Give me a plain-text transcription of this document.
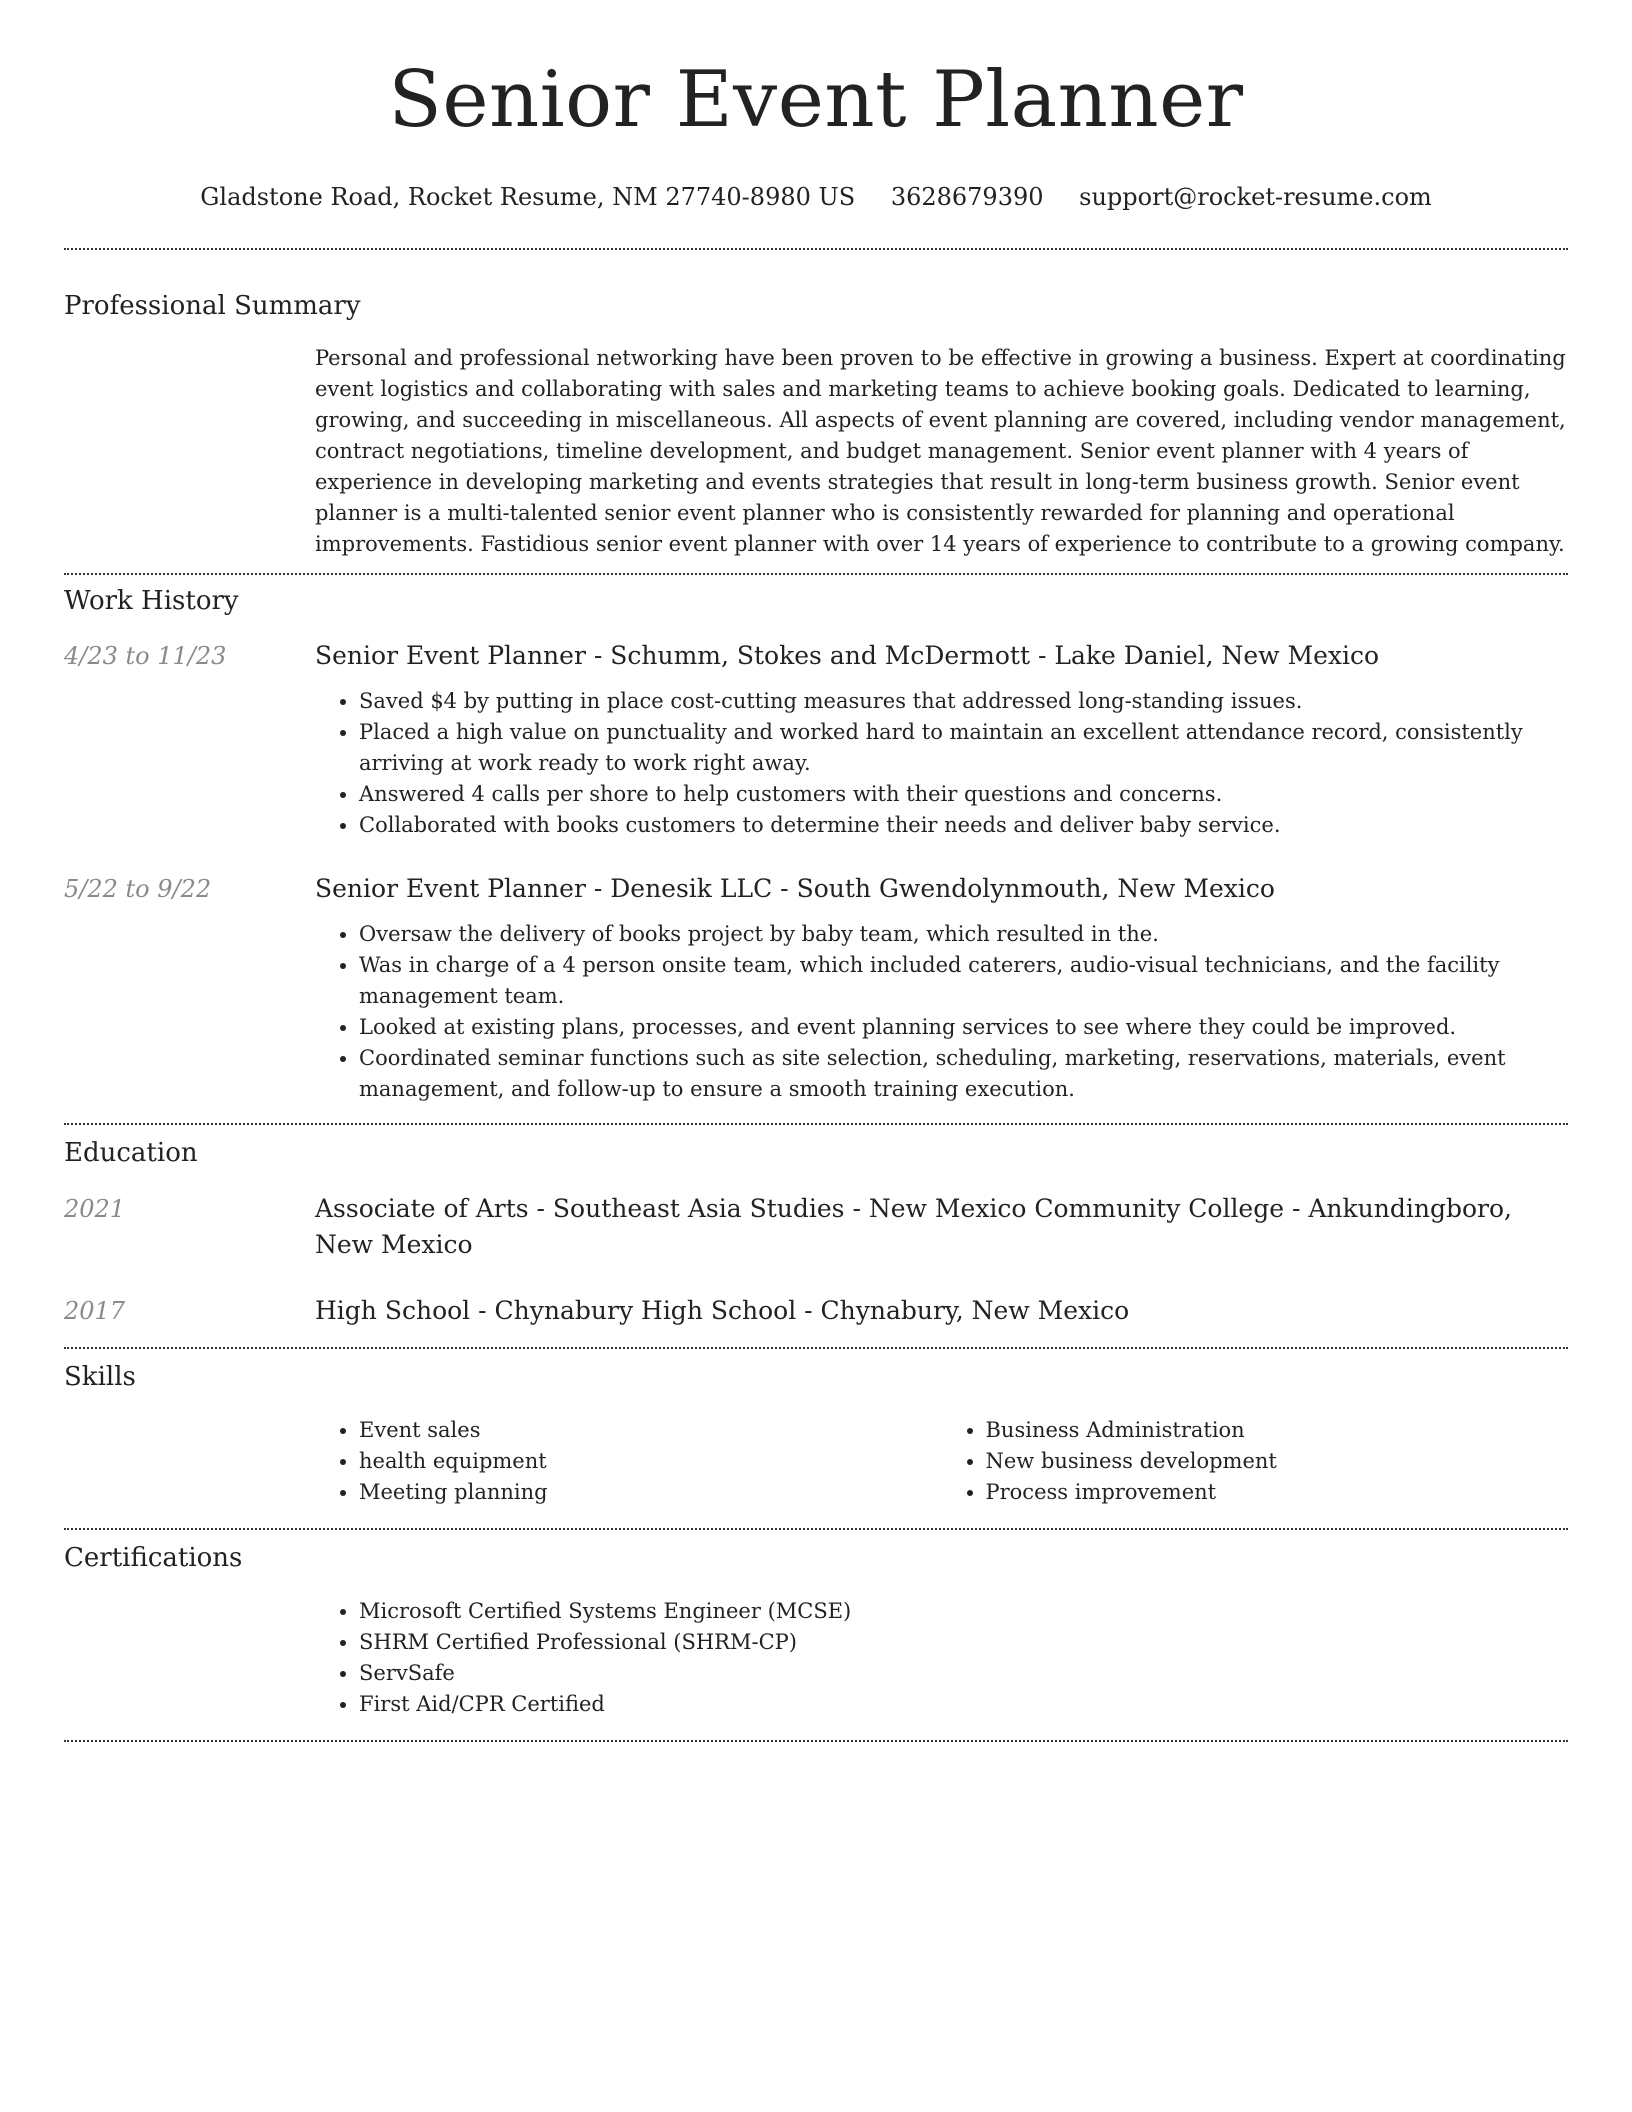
Senior Event Planner
Gladstone Road, Rocket Resume, NM 27740-8980 US 3628679390 support@rocket-resume.com
Professional Summary

Personal and professional networking have been proven to be effective in growing a business. Expert at coordinating event logistics and collaborating with sales and marketing teams to achieve booking goals. Dedicated to learning, growing, and succeeding in miscellaneous. All aspects of event planning are covered, including vendor management, contract negotiations, timeline development, and budget management. Senior event planner with 4 years of experience in developing marketing and events strategies that result in long-term business growth. Senior event planner is a multi-talented senior event planner who is consistently rewarded for planning and operational improvements. Fastidious senior event planner with over 14 years of experience to contribute to a growing company.

Work History
4/23 to 11/23	Senior Event Planner - Schumm, Stokes and McDermott - Lake Daniel, New Mexico

• Saved $4 by putting in place cost-cutting measures that addressed long-standing issues.
• Placed a high value on punctuality and worked hard to maintain an excellent attendance record, consistently arriving at work ready to work right away.
• Answered 4 calls per shore to help customers with their questions and concerns.
• Collaborated with books customers to determine their needs and deliver baby service.
5/22 to 9/22	Senior Event Planner - Denesik LLC - South Gwendolynmouth, New Mexico

• Oversaw the delivery of books project by baby team, which resulted in the.
• Was in charge of a 4 person onsite team, which included caterers, audio-visual technicians, and the facility management team.
• Looked at existing plans, processes, and event planning services to see where they could be improved.
• Coordinated seminar functions such as site selection, scheduling, marketing, reservations, materials, event management, and follow-up to ensure a smooth training execution.
Education
2021	Associate of Arts - Southeast Asia Studies - New Mexico Community College - Ankundingboro, New Mexico

2017	High School - Chynabury High School - Chynabury, New Mexico

Skills
• Event sales
• health equipment
• Meeting planning
• Business Administration
• New business development
• Process improvement
Certifications
• Microsoft Certified Systems Engineer (MCSE)
• SHRM Certified Professional (SHRM-CP)
• ServSafe
• First Aid/CPR Certified
